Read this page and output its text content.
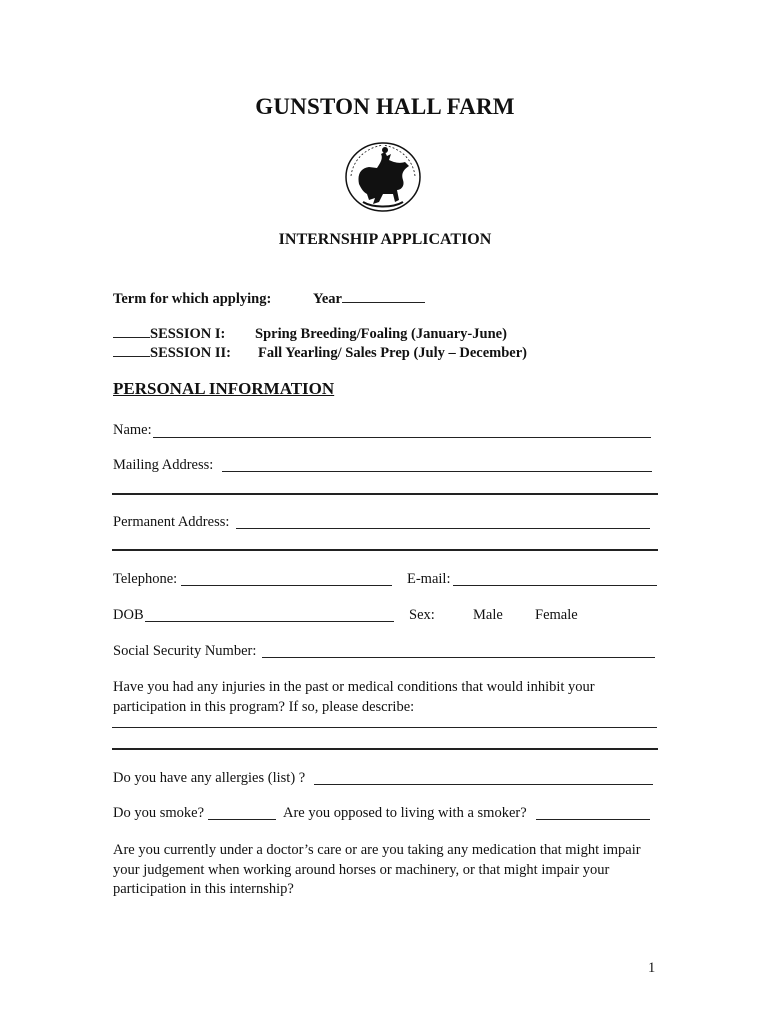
GUNSTON HALL FARM
INTERNSHIP APPLICATION
Term for which applying:	Year
SESSION I: Spring Breeding/Foaling (January-June)
SESSION II: Fall Yearling/ Sales Prep (July – December)
PERSONAL INFORMATION
Name:
Mailing Address:
Permanent Address:
Telephone:	E-mail:
DOB	Sex:	Male Female
Social Security Number:
Have you had any injuries in the past or medical conditions that would inhibit your participation in this program? If so, please describe:
Do you have any allergies (list) ?
Do you smoke?	Are you opposed to living with a smoker?
Are you currently under a doctor’s care or are you taking any medication that might impair your judgement when working around horses or machinery, or that might impair your participation in this internship?
1
